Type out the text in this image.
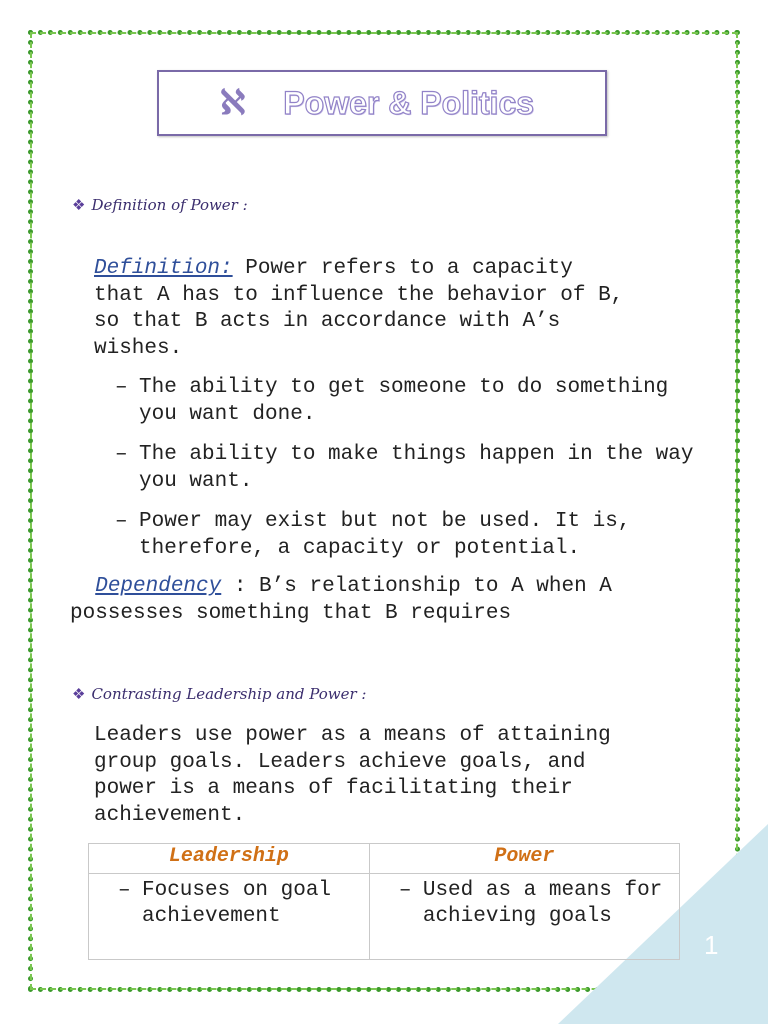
1
ℵ Power & Politics
❖ Definition of Power :
Definition: Power refers to a capacity
that A has to influence the behavior of B,
so that B acts in accordance with A’s
wishes.
– The ability to get someone to do something you want done.
– The ability to make things happen in the way you want.
– Power may exist but not be used. It is, therefore, a capacity or potential.
Dependency : B’s relationship to A when A
possesses something that B requires
❖ Contrasting Leadership and Power :
Leaders use power as a means of attaining
group goals. Leaders achieve goals, and
power is a means of facilitating their
achievement.
Leadership	Power

– Focuses on goal achievement	– Used as a means for achieving goals
